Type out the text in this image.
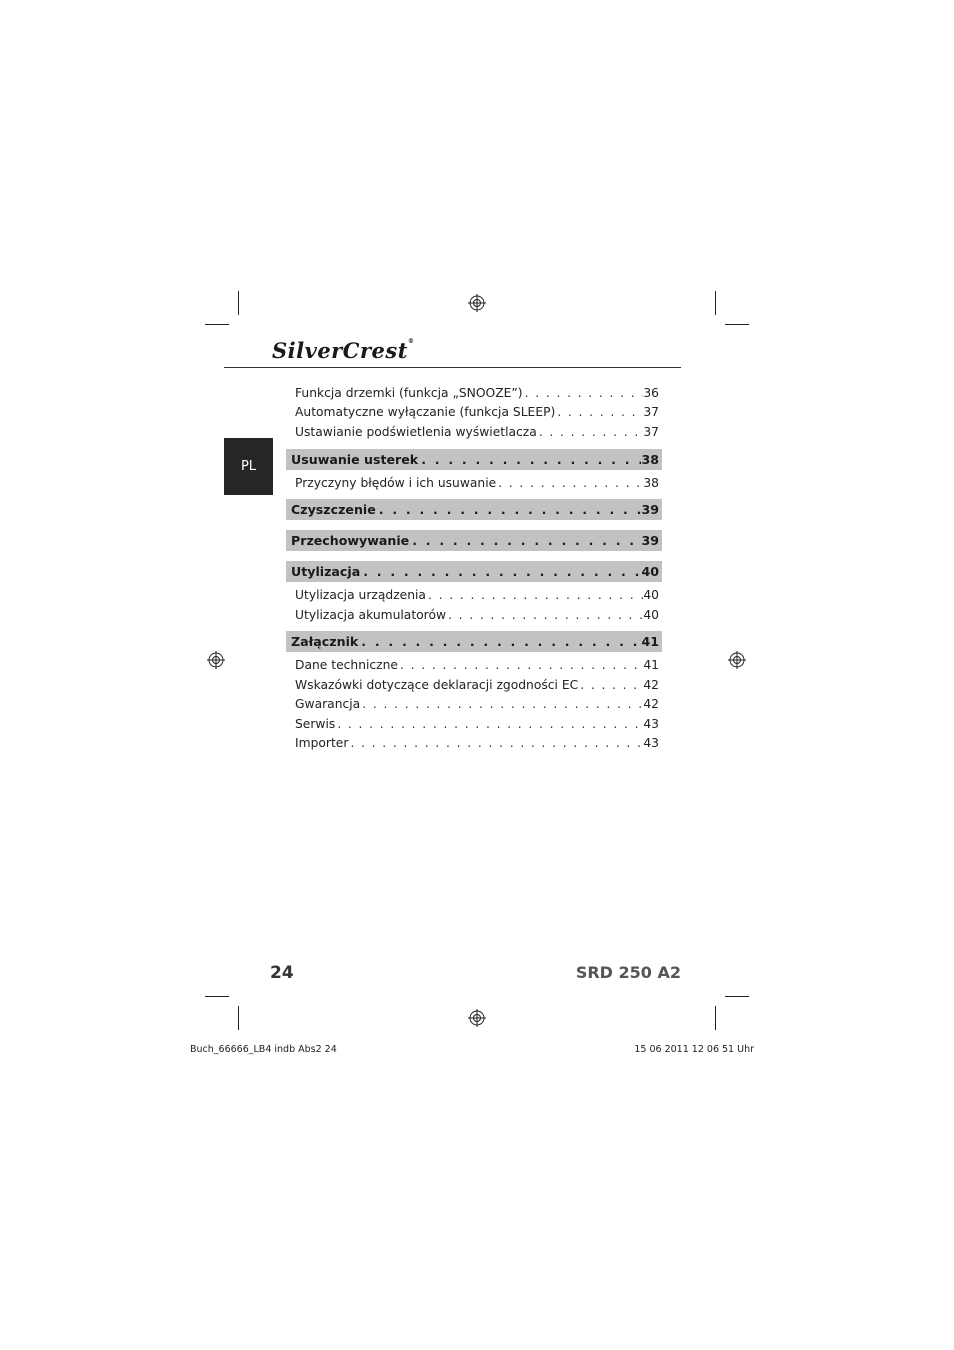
SilverCrest®
PL
Funkcja drzemki (funkcja „SNOOZE”) . . .	36
Automatyczne wyłączanie (funkcja SLEEP) . . .	37
Ustawianie podświetlenia wyświetlacza . . .	37
Usuwanie usterek . . .	38
Przyczyny błędów i ich usuwanie . . .	38
Czyszczenie . . .	39
Przechowywanie . . .	39
Utylizacja . . .	40
Utylizacja urządzenia . . .	40
Utylizacja akumulatorów . . .	40
Załącznik . . .	41
Dane techniczne . . .	41
Wskazówki dotyczące deklaracji zgodności EC . . .	42
Gwarancja . . .	42
Serwis . . .	43
Importer . . .	43
24	SRD 250 A2
Buch_66666_LB4 indb Abs2 24	15 06 2011 12 06 51 Uhr
